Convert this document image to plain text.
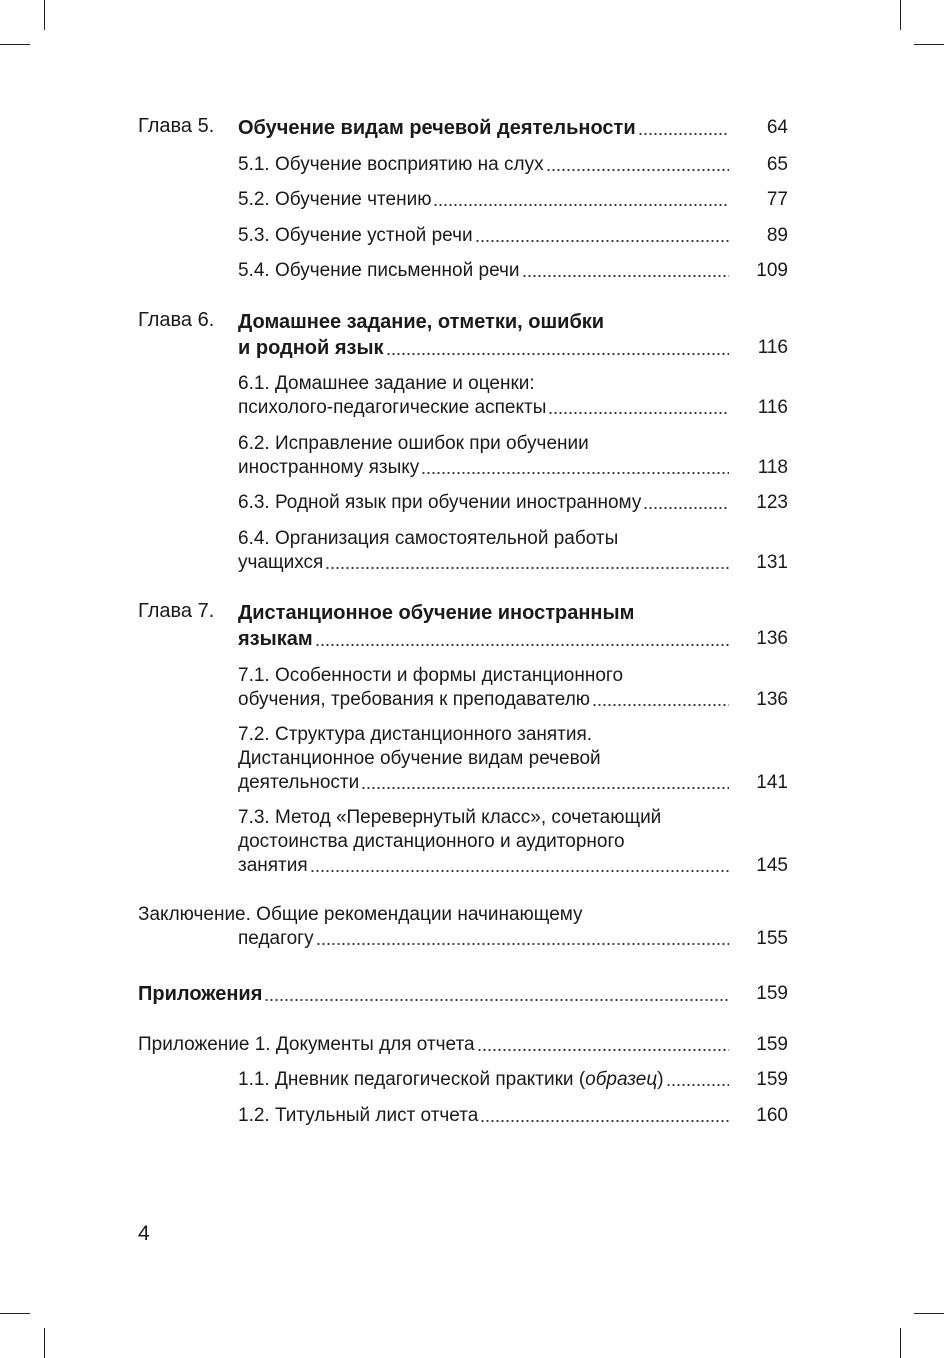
Глава 5. Обучение видам речевой деятельности	64
5.1. Обучение восприятию на слух	65
5.2. Обучение чтению	77
5.3. Обучение устной речи	89
5.4. Обучение письменной речи	109
Глава 6.	Домашнее задание, отметки, ошибки
и родной язык	116
6.1. Домашнее задание и оценки:
психолого-педагогические аспекты	116
6.2. Исправление ошибок при обучении
иностранному языку	118
6.3. Родной язык при обучении иностранному	123
6.4. Организация самостоятельной работы
учащихся	131
Глава 7.	Дистанционное обучение иностранным
языкам	136
7.1. Особенности и формы дистанционного
обучения, требования к преподавателю	136
7.2. Структура дистанционного занятия.
Дистанционное обучение видам речевой
деятельности	141
7.3. Метод «Перевернутый класс», сочетающий
достоинства дистанционного и аудиторного
занятия	145
Заключение. Общие рекомендации начинающему
педагогу	155
Приложения	159
Приложение 1. Документы для отчета	159
1.1. Дневник педагогической практики (образец)	159
1.2. Титульный лист отчета	160
4
